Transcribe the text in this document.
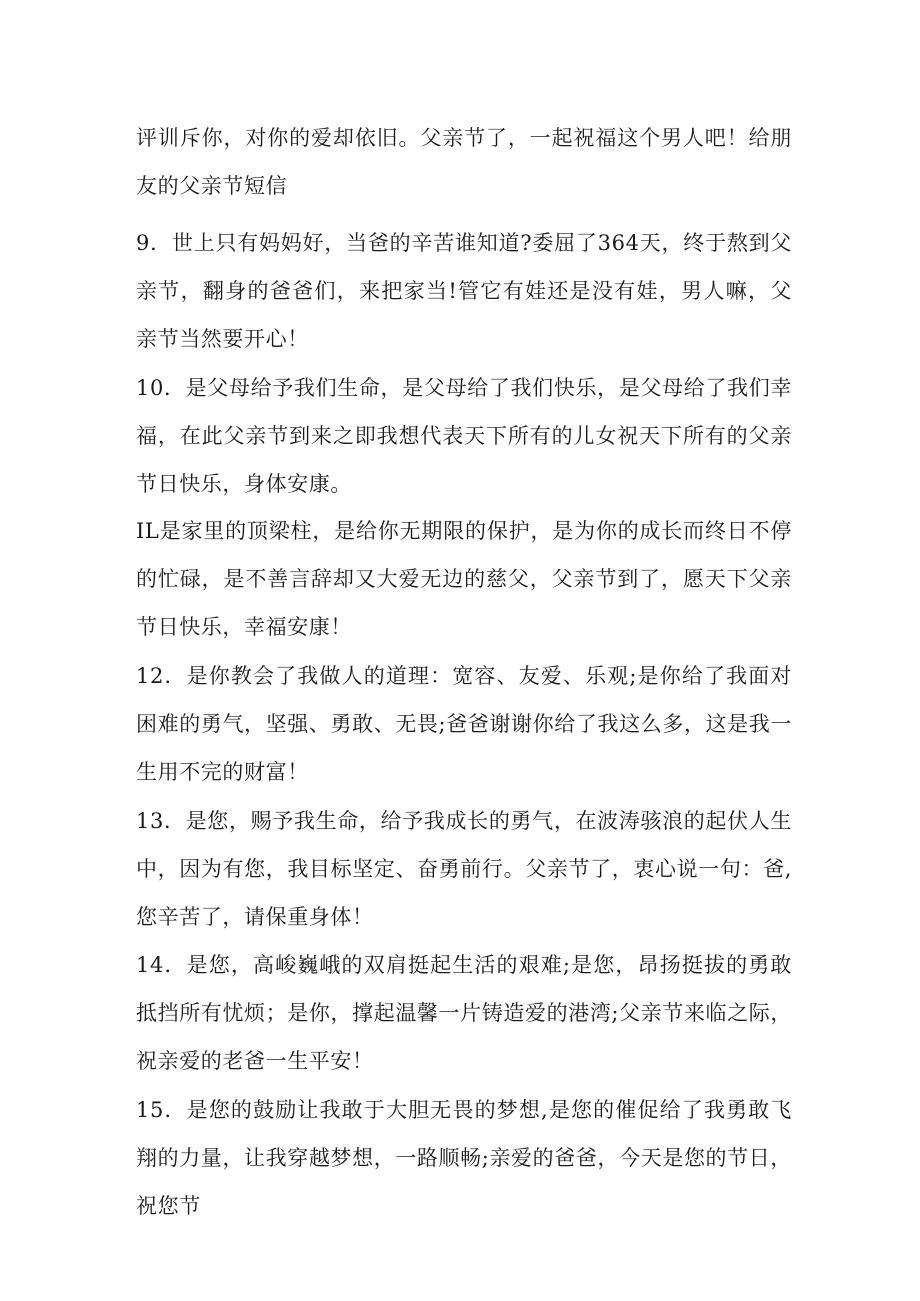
评训斥你，对你的爱却依旧。父亲节了，一起祝福这个男人吧！给朋友的父亲节短信

9．世上只有妈妈好，当爸的辛苦谁知道?委屈了364天，终于熬到父亲节，翻身的爸爸们，来把家当!管它有娃还是没有娃，男人嘛，父亲节当然要开心！

10．是父母给予我们生命，是父母给了我们快乐，是父母给了我们幸福，在此父亲节到来之即我想代表天下所有的儿女祝天下所有的父亲节日快乐，身体安康。

IL是家里的顶梁柱，是给你无期限的保护，是为你的成长而终日不停的忙碌，是不善言辞却又大爱无边的慈父，父亲节到了，愿天下父亲节日快乐，幸福安康！

12．是你教会了我做人的道理：宽容、友爱、乐观;是你给了我面对困难的勇气，坚强、勇敢、无畏;爸爸谢谢你给了我这么多，这是我一生用不完的财富！

13．是您，赐予我生命，给予我成长的勇气，在波涛骇浪的起伏人生中，因为有您，我目标坚定、奋勇前行。父亲节了，衷心说一句：爸,您辛苦了，请保重身体！

14．是您，高峻巍峨的双肩挺起生活的艰难;是您，昂扬挺拔的勇敢抵挡所有忧烦；是你，撑起温馨一片铸造爱的港湾;父亲节来临之际，祝亲爱的老爸一生平安！

15．是您的鼓励让我敢于大胆无畏的梦想,是您的催促给了我勇敢飞翔的力量，让我穿越梦想，一路顺畅;亲爱的爸爸，今天是您的节日，祝您节
